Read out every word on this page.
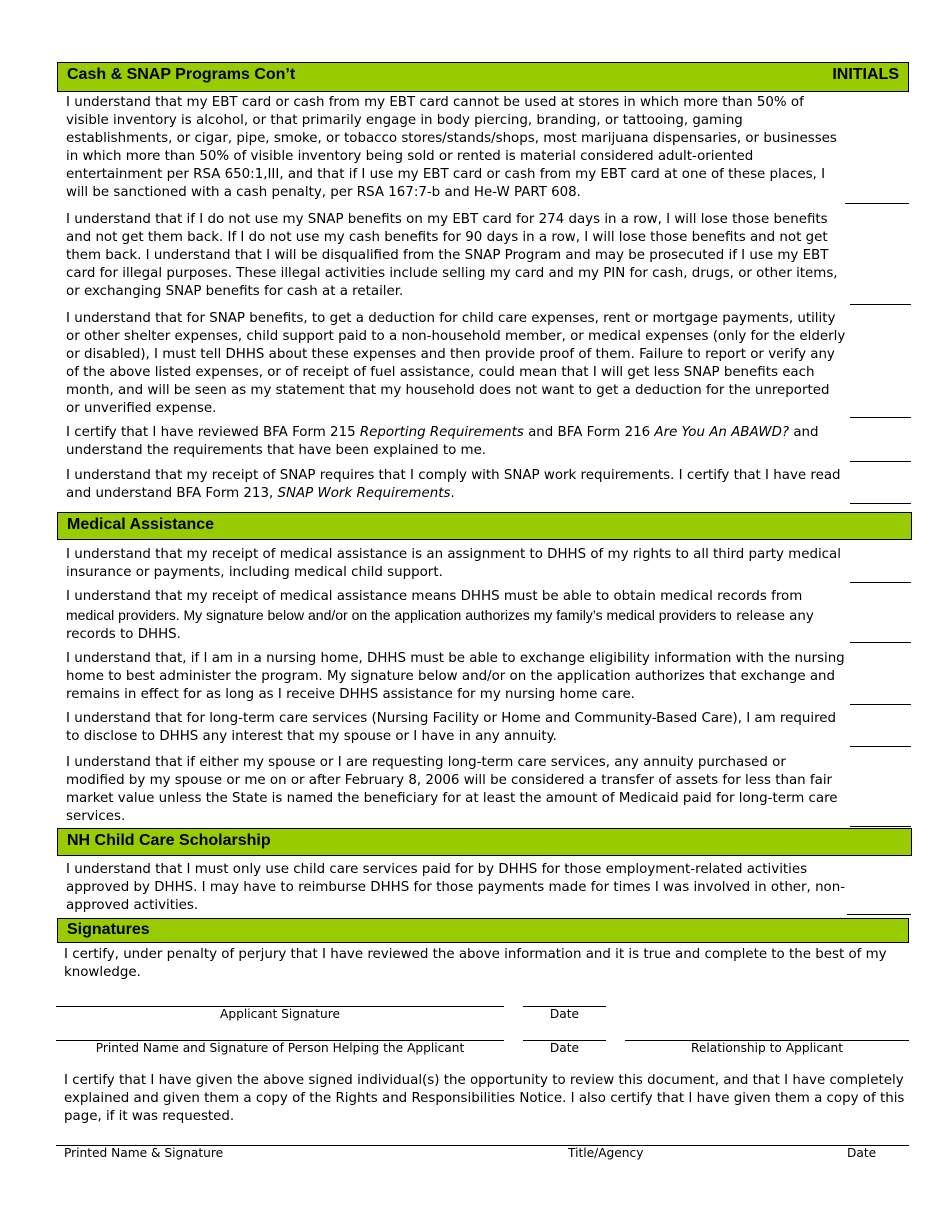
Cash & SNAP Programs Con’t	INITIALS
I understand that my EBT card or cash from my EBT card cannot be used at stores in which more than 50% of visible inventory is alcohol, or that primarily engage in body piercing, branding, or tattooing, gaming establishments, or cigar, pipe, smoke, or tobacco stores/stands/shops, most marijuana dispensaries, or businesses in which more than 50% of visible inventory being sold or rented is material considered adult-oriented entertainment per RSA 650:1,III, and that if I use my EBT card or cash from my EBT card at one of these places, I will be sanctioned with a cash penalty, per RSA 167:7-b and He-W PART 608.
I understand that if I do not use my SNAP benefits on my EBT card for 274 days in a row, I will lose those benefits and not get them back. If I do not use my cash benefits for 90 days in a row, I will lose those benefits and not get them back. I understand that I will be disqualified from the SNAP Program and may be prosecuted if I use my EBT card for illegal purposes. These illegal activities include selling my card and my PIN for cash, drugs, or other items, or exchanging SNAP benefits for cash at a retailer.
I understand that for SNAP benefits, to get a deduction for child care expenses, rent or mortgage payments, utility or other shelter expenses, child support paid to a non-household member, or medical expenses (only for the elderly or disabled), I must tell DHHS about these expenses and then provide proof of them. Failure to report or verify any of the above listed expenses, or of receipt of fuel assistance, could mean that I will get less SNAP benefits each month, and will be seen as my statement that my household does not want to get a deduction for the unreported or unverified expense.
I certify that I have reviewed BFA Form 215 Reporting Requirements and BFA Form 216 Are You An ABAWD? and understand the requirements that have been explained to me.
I understand that my receipt of SNAP requires that I comply with SNAP work requirements. I certify that I have read and understand BFA Form 213, SNAP Work Requirements.
Medical Assistance
I understand that my receipt of medical assistance is an assignment to DHHS of my rights to all third party medical insurance or payments, including medical child support.
I understand that my receipt of medical assistance means DHHS must be able to obtain medical records from medical providers. My signature below and/or on the application authorizes my family’s medical providers to release any records to DHHS.
I understand that, if I am in a nursing home, DHHS must be able to exchange eligibility information with the nursing home to best administer the program. My signature below and/or on the application authorizes that exchange and remains in effect for as long as I receive DHHS assistance for my nursing home care.
I understand that for long-term care services (Nursing Facility or Home and Community-Based Care), I am required to disclose to DHHS any interest that my spouse or I have in any annuity.
I understand that if either my spouse or I are requesting long-term care services, any annuity purchased or modified by my spouse or me on or after February 8, 2006 will be considered a transfer of assets for less than fair market value unless the State is named the beneficiary for at least the amount of Medicaid paid for long-term care services.
NH Child Care Scholarship
I understand that I must only use child care services paid for by DHHS for those employment-related activities approved by DHHS. I may have to reimburse DHHS for those payments made for times I was involved in other, non-approved activities.
Signatures
I certify, under penalty of perjury that I have reviewed the above information and it is true and complete to the best of my knowledge.
Applicant Signature	Date
Printed Name and Signature of Person Helping the Applicant	Date	Relationship to Applicant
I certify that I have given the above signed individual(s) the opportunity to review this document, and that I have completely explained and given them a copy of the Rights and Responsibilities Notice. I also certify that I have given them a copy of this page, if it was requested.
Printed Name & Signature	Title/Agency	Date
